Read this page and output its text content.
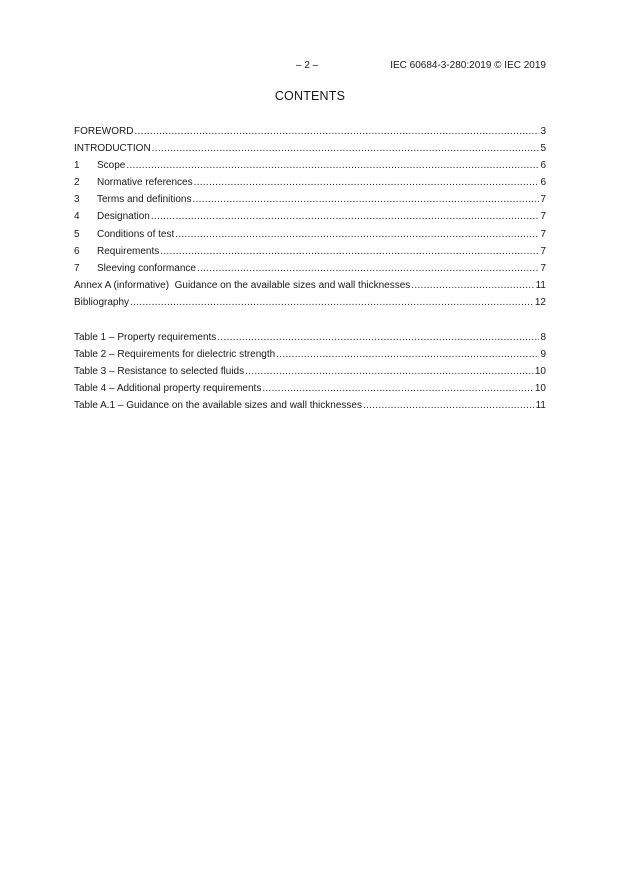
– 2 –	IEC 60684-3-280:2019 © IEC 2019
CONTENTS
FOREWORD .....	3
INTRODUCTION .....	5
1	Scope .....	6
2	Normative references .....	6
3	Terms and definitions .....	7
4	Designation .....	7
5	Conditions of test .....	7
6	Requirements .....	7
7	Sleeving conformance .....	7
Annex A (informative)  Guidance on the available sizes and wall thicknesses .....	11
Bibliography .....	12
Table 1 – Property requirements .....	8
Table 2 – Requirements for dielectric strength .....	9
Table 3 – Resistance to selected fluids .....	10
Table 4 – Additional property requirements .....	10
Table A.1 – Guidance on the available sizes and wall thicknesses .....	11
